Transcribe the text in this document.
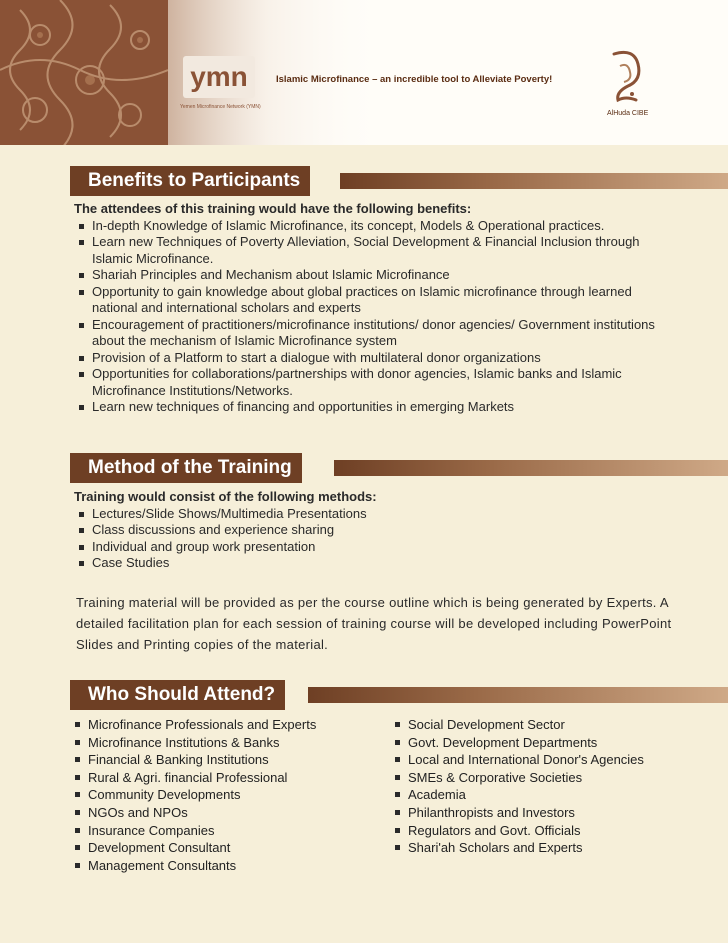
ymn
Yemen Microfinance Network (YMN)
Islamic Microfinance – an incredible tool to Alleviate Poverty!
AlHuda CIBE
Benefits to Participants
The attendees of this training would have the following benefits:
In-depth Knowledge of Islamic Microfinance, its concept, Models & Operational practices.
Learn new Techniques of Poverty Alleviation, Social Development & Financial Inclusion through Islamic Microfinance.
Shariah Principles and Mechanism about Islamic Microfinance
Opportunity to gain knowledge about global practices on Islamic microfinance through learned national and international scholars and experts
Encouragement of practitioners/microfinance institutions/ donor agencies/ Government institutions about the mechanism of Islamic Microfinance system
Provision of a Platform to start a dialogue with multilateral donor organizations
Opportunities for collaborations/partnerships with donor agencies, Islamic banks and Islamic Microfinance Institutions/Networks.
Learn new techniques of financing and opportunities in emerging Markets
Method of the Training
Training would consist of the following methods:
Lectures/Slide Shows/Multimedia Presentations
Class discussions and experience sharing
Individual and group work presentation
Case Studies
Training material will be provided as per the course outline which is being generated by Experts. A detailed facilitation plan for each session of training course will be developed including PowerPoint Slides and Printing copies of the material.
Who Should Attend?
Microfinance Professionals and Experts
Microfinance Institutions & Banks
Financial & Banking Institutions
Rural & Agri. financial Professional
Community Developments
NGOs and NPOs
Insurance Companies
Development Consultant
Management Consultants
Social Development Sector
Govt. Development Departments
Local and International Donor's Agencies
SMEs & Corporative Societies
Academia
Philanthropists and Investors
Regulators and Govt. Officials
Shari'ah Scholars and Experts
